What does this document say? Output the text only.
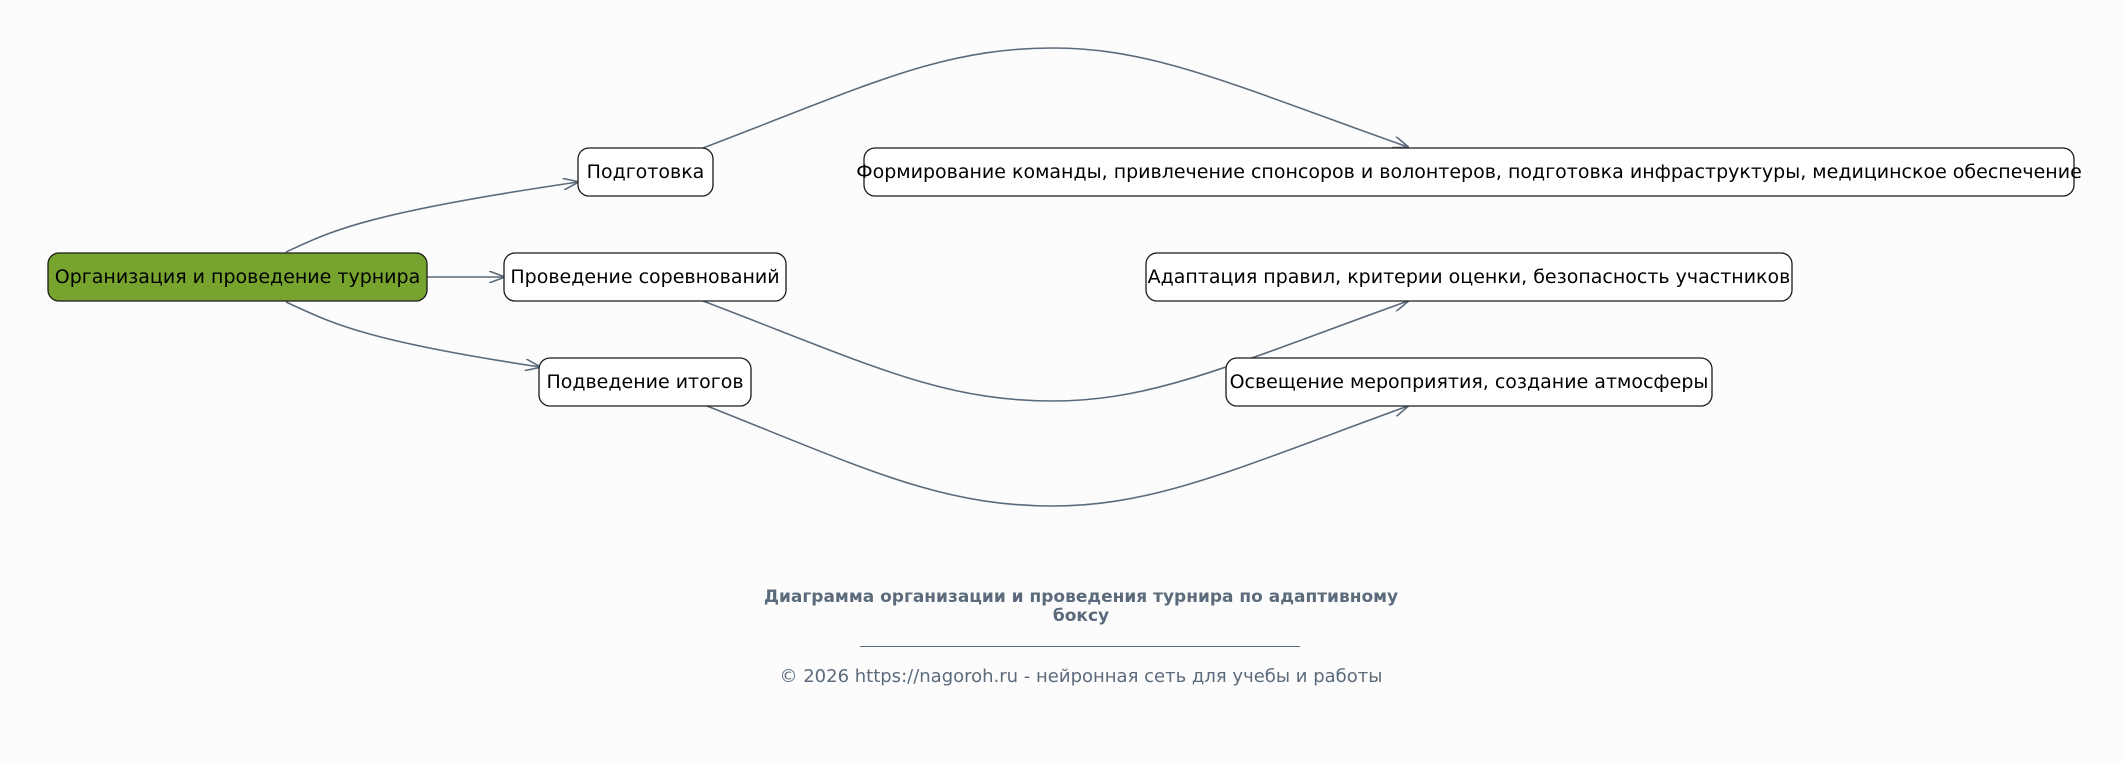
Организация и проведение турнира
Подготовка
Проведение соревнований
Подведение итогов
Формирование команды, привлечение спонсоров и волонтеров, подготовка инфраструктуры, медицинское обеспечение
Адаптация правил, критерии оценки, безопасность участников
Освещение мероприятия, создание атмосферы
Диаграмма организации и проведения турнира по адаптивному боксу
© 2026 https://nagoroh.ru - нейронная сеть для учебы и работы
